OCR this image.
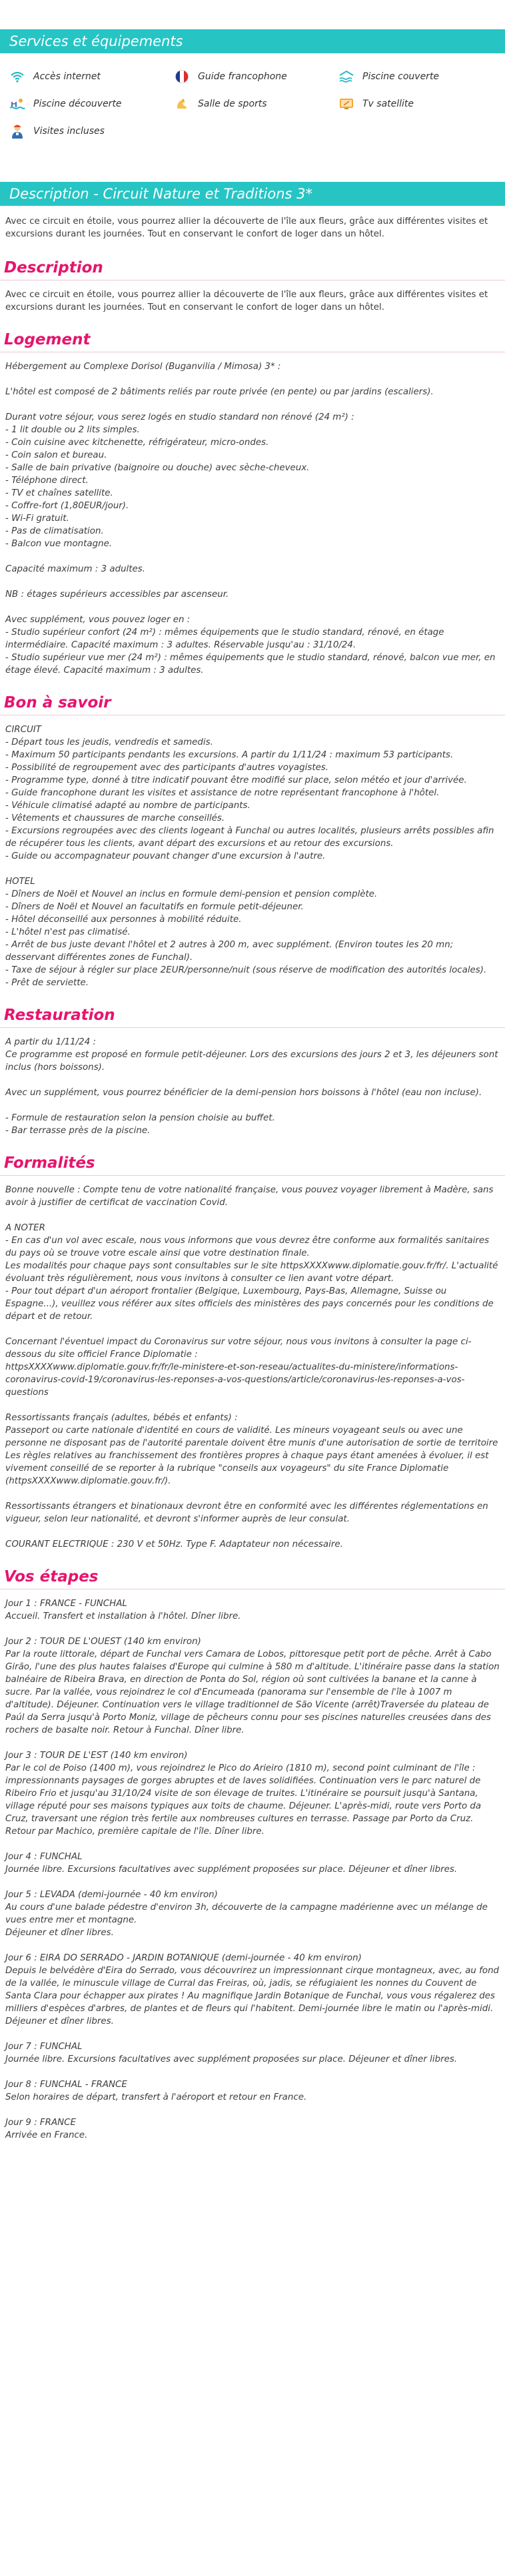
Services et équipements
Accès internet	Guide francophone	Piscine couverte
Piscine découverte	Salle de sports	Tv satellite
Visites incluses
Description - Circuit Nature et Traditions 3*

Avec ce circuit en étoile, vous pourrez allier la découverte de l'île aux fleurs, grâce aux différentes visites et excursions durant les journées. Tout en conservant le confort de loger dans un hôtel.

Description
Avec ce circuit en étoile, vous pourrez allier la découverte de l'île aux fleurs, grâce aux différentes visites et excursions durant les journées. Tout en conservant le confort de loger dans un hôtel.
Logement
Hébergement au Complexe Dorisol (Buganvilia / Mimosa) 3* :
L'hôtel est composé de 2 bâtiments reliés par route privée (en pente) ou par jardins (escaliers).
Durant votre séjour, vous serez logés en studio standard non rénové (24 m²) :
- 1 lit double ou 2 lits simples.
- Coin cuisine avec kitchenette, réfrigérateur, micro-ondes.
- Coin salon et bureau.
- Salle de bain privative (baignoire ou douche) avec sèche-cheveux.
- Téléphone direct.
- TV et chaînes satellite.
- Coffre-fort (1,80EUR/jour).
- Wi-Fi gratuit.
- Pas de climatisation.
- Balcon vue montagne.
Capacité maximum : 3 adultes.
NB : étages supérieurs accessibles par ascenseur.
Avec supplément, vous pouvez loger en :
- Studio supérieur confort (24 m²) : mêmes équipements que le studio standard, rénové, en étage intermédiaire. Capacité maximum : 3 adultes. Réservable jusqu'au : 31/10/24.
- Studio supérieur vue mer (24 m²) : mêmes équipements que le studio standard, rénové, balcon vue mer, en étage élevé. Capacité maximum : 3 adultes.
Bon à savoir
CIRCUIT
- Départ tous les jeudis, vendredis et samedis.
- Maximum 50 participants pendants les excursions. A partir du 1/11/24 : maximum 53 participants.
- Possibilité de regroupement avec des participants d'autres voyagistes.
- Programme type, donné à titre indicatif pouvant être modifié sur place, selon météo et jour d'arrivée.
- Guide francophone durant les visites et assistance de notre représentant francophone à l'hôtel.
- Véhicule climatisé adapté au nombre de participants.
- Vêtements et chaussures de marche conseillés.
- Excursions regroupées avec des clients logeant à Funchal ou autres localités, plusieurs arrêts possibles afin de récupérer tous les clients, avant départ des excursions et au retour des excursions.
- Guide ou accompagnateur pouvant changer d'une excursion à l'autre.
HOTEL
- Dîners de Noël et Nouvel an inclus en formule demi-pension et pension complète.
- Dîners de Noël et Nouvel an facultatifs en formule petit-déjeuner.
- Hôtel déconseillé aux personnes à mobilité réduite.
- L'hôtel n'est pas climatisé.
- Arrêt de bus juste devant l'hôtel et 2 autres à 200 m, avec supplément. (Environ toutes les 20 mn; desservant différentes zones de Funchal).
- Taxe de séjour à régler sur place 2EUR/personne/nuit (sous réserve de modification des autorités locales).
- Prêt de serviette.
Restauration
A partir du 1/11/24 :
Ce programme est proposé en formule petit-déjeuner. Lors des excursions des jours 2 et 3, les déjeuners sont inclus (hors boissons).
Avec un supplément, vous pourrez bénéficier de la demi-pension hors boissons à l'hôtel (eau non incluse).
- Formule de restauration selon la pension choisie au buffet.
- Bar terrasse près de la piscine.
Formalités
Bonne nouvelle : Compte tenu de votre nationalité française, vous pouvez voyager librement à Madère, sans avoir à justifier de certificat de vaccination Covid.
A NOTER
- En cas d'un vol avec escale, nous vous informons que vous devrez être conforme aux formalités sanitaires du pays où se trouve votre escale ainsi que votre destination finale.
Les modalités pour chaque pays sont consultables sur le site httpsXXXXwww.diplomatie.gouv.fr/fr/. L'actualité évoluant très régulièrement, nous vous invitons à consulter ce lien avant votre départ.
- Pour tout départ d'un aéroport frontalier (Belgique, Luxembourg, Pays-Bas, Allemagne, Suisse ou Espagne...), veuillez vous référer aux sites officiels des ministères des pays concernés pour les conditions de départ et de retour.
Concernant l'éventuel impact du Coronavirus sur votre séjour, nous vous invitons à consulter la page ci-dessous du site officiel France Diplomatie :
httpsXXXXwww.diplomatie.gouv.fr/fr/le-ministere-et-son-reseau/actualites-du-ministere/informations-coronavirus-covid-19/coronavirus-les-reponses-a-vos-questions/article/coronavirus-les-reponses-a-vos-questions
Ressortissants français (adultes, bébés et enfants) :
Passeport ou carte nationale d'identité en cours de validité. Les mineurs voyageant seuls ou avec une personne ne disposant pas de l'autorité parentale doivent être munis d'une autorisation de sortie de territoire
Les règles relatives au franchissement des frontières propres à chaque pays étant amenées à évoluer, il est vivement conseillé de se reporter à la rubrique "conseils aux voyageurs" du site France Diplomatie (httpsXXXXwww.diplomatie.gouv.fr/).
Ressortissants étrangers et binationaux devront être en conformité avec les différentes réglementations en vigueur, selon leur nationalité, et devront s'informer auprès de leur consulat.
COURANT ELECTRIQUE : 230 V et 50Hz. Type F. Adaptateur non nécessaire.
Vos étapes
Jour 1 : FRANCE - FUNCHAL
Accueil. Transfert et installation à l'hôtel. Dîner libre.
Jour 2 : TOUR DE L'OUEST (140 km environ)
Par la route littorale, départ de Funchal vers Camara de Lobos, pittoresque petit port de pêche. Arrêt à Cabo Girão, l'une des plus hautes falaises d'Europe qui culmine à 580 m d'altitude. L'itinéraire passe dans la station balnéaire de Ribeira Brava, en direction de Ponta do Sol, région où sont cultivées la banane et la canne à sucre. Par la vallée, vous rejoindrez le col d'Encumeada (panorama sur l'ensemble de l'île à 1007 m d'altitude). Déjeuner. Continuation vers le village traditionnel de São Vicente (arrêt)Traversée du plateau de Paúl da Serra jusqu'à Porto Moniz, village de pêcheurs connu pour ses piscines naturelles creusées dans des rochers de basalte noir. Retour à Funchal. Dîner libre.
Jour 3 : TOUR DE L'EST (140 km environ)
Par le col de Poiso (1400 m), vous rejoindrez le Pico do Arieiro (1810 m), second point culminant de l'île : impressionnants paysages de gorges abruptes et de laves solidifiées. Continuation vers le parc naturel de Ribeiro Frio et jusqu'au 31/10/24 visite de son élevage de truites. L'itinéraire se poursuit jusqu'à Santana, village réputé pour ses maisons typiques aux toits de chaume. Déjeuner. L'après-midi, route vers Porto da Cruz, traversant une région très fertile aux nombreuses cultures en terrasse. Passage par Porto da Cruz. Retour par Machico, première capitale de l'île. Dîner libre.
Jour 4 : FUNCHAL
Journée libre. Excursions facultatives avec supplément proposées sur place. Déjeuner et dîner libres.
Jour 5 : LEVADA (demi-journée - 40 km environ)
Au cours d'une balade pédestre d'environ 3h, découverte de la campagne madérienne avec un mélange de vues entre mer et montagne.
Déjeuner et dîner libres.
Jour 6 : EIRA DO SERRADO - JARDIN BOTANIQUE (demi-journée - 40 km environ)
Depuis le belvédère d'Eira do Serrado, vous découvrirez un impressionnant cirque montagneux, avec, au fond de la vallée, le minuscule village de Curral das Freiras, où, jadis, se réfugiaient les nonnes du Couvent de Santa Clara pour échapper aux pirates ! Au magnifique Jardin Botanique de Funchal, vous vous régalerez des milliers d'espèces d'arbres, de plantes et de fleurs qui l'habitent. Demi-journée libre le matin ou l'après-midi. Déjeuner et dîner libres.
Jour 7 : FUNCHAL
Journée libre. Excursions facultatives avec supplément proposées sur place. Déjeuner et dîner libres.
Jour 8 : FUNCHAL - FRANCE
Selon horaires de départ, transfert à l'aéroport et retour en France.
Jour 9 : FRANCE
Arrivée en France.
